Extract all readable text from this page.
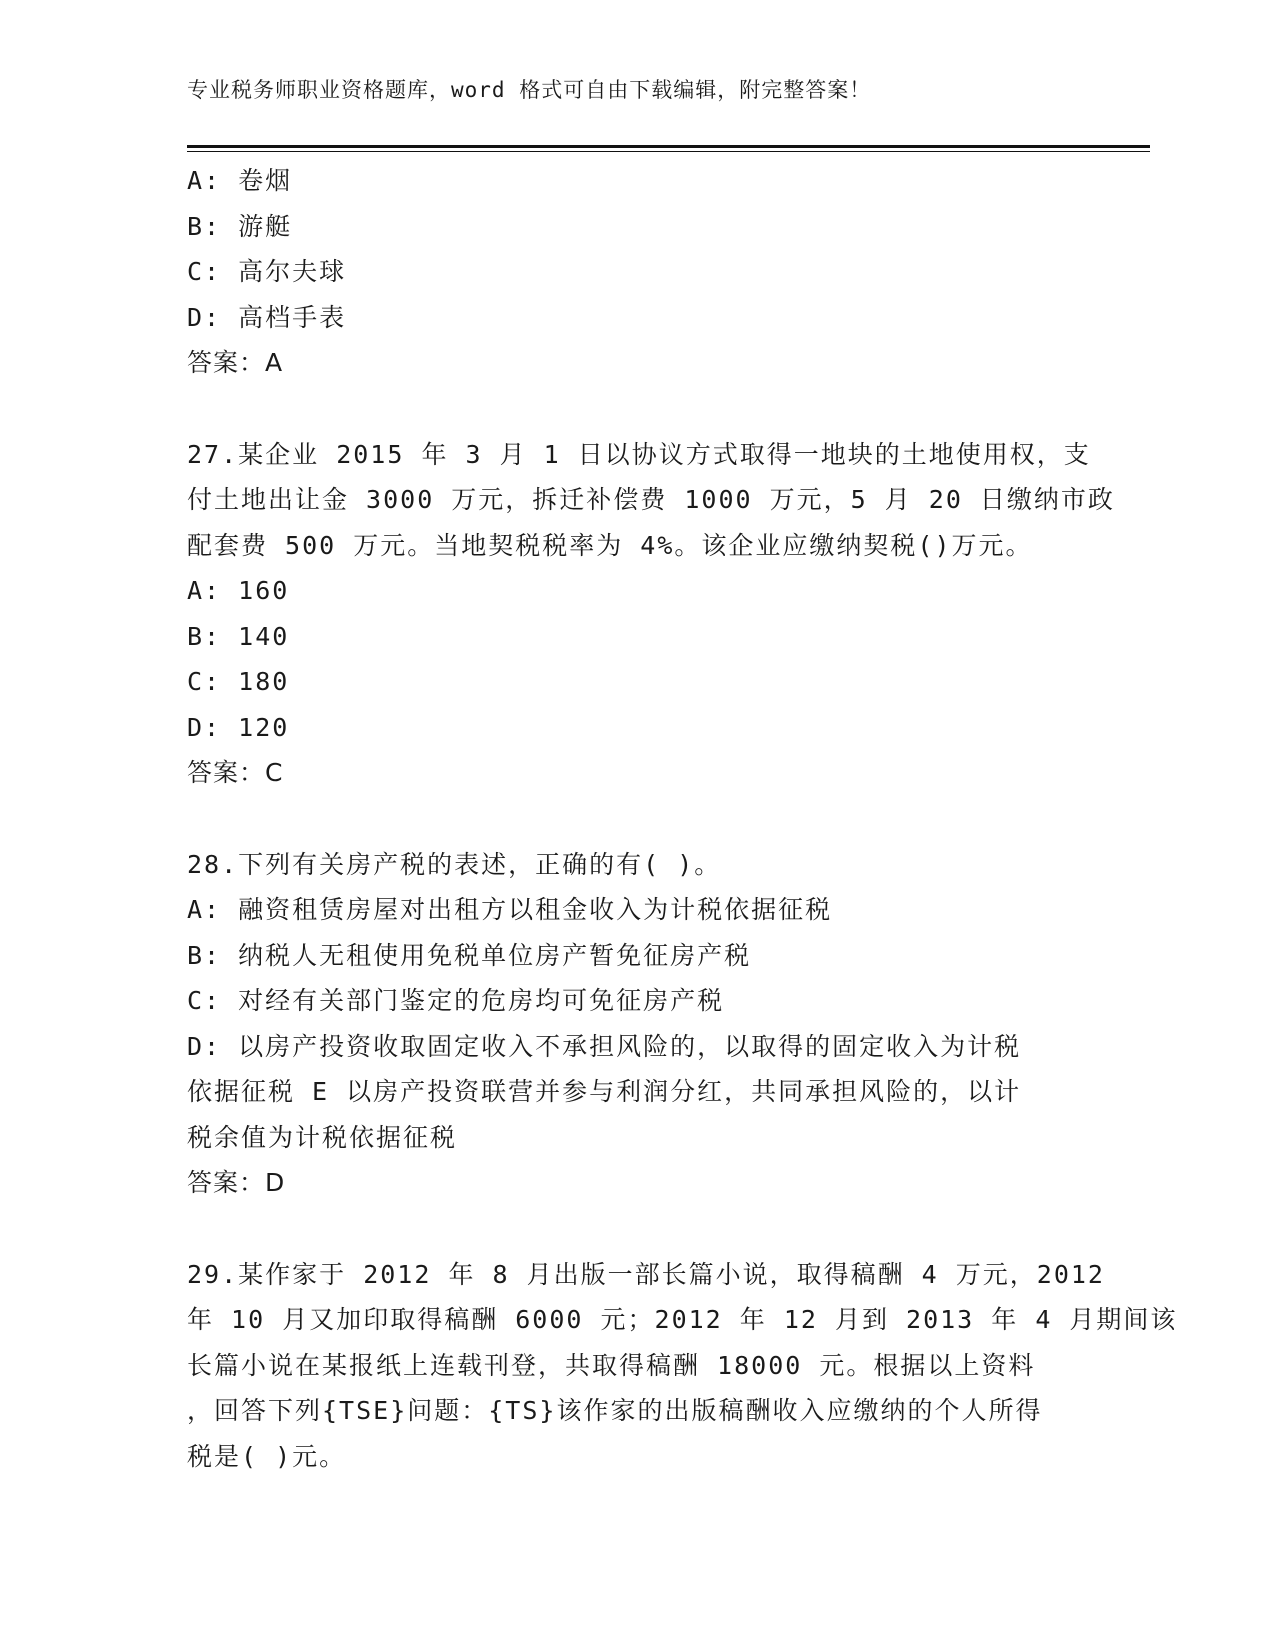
专业税务师职业资格题库，word 格式可自由下载编辑，附完整答案！

A: 卷烟

B: 游艇

C: 高尔夫球

D: 高档手表

答案：A

27.某企业 2015 年 3 月 1 日以协议方式取得一地块的土地使用权，支

付土地出让金 3000 万元，拆迁补偿费 1000 万元，5 月 20 日缴纳市政

配套费 500 万元。当地契税税率为 4%。该企业应缴纳契税()万元。

A: 160

B: 140

C: 180

D: 120

答案：C

28.下列有关房产税的表述，正确的有( )。

A: 融资租赁房屋对出租方以租金收入为计税依据征税

B: 纳税人无租使用免税单位房产暂免征房产税

C: 对经有关部门鉴定的危房均可免征房产税

D: 以房产投资收取固定收入不承担风险的，以取得的固定收入为计税

依据征税 E 以房产投资联营并参与利润分红，共同承担风险的，以计

税余值为计税依据征税

答案：D

29.某作家于 2012 年 8 月出版一部长篇小说，取得稿酬 4 万元，2012

年 10 月又加印取得稿酬 6000 元；2012 年 12 月到 2013 年 4 月期间该

长篇小说在某报纸上连载刊登，共取得稿酬 18000 元。根据以上资料

，回答下列{TSE}问题：{TS}该作家的出版稿酬收入应缴纳的个人所得

税是( )元。
